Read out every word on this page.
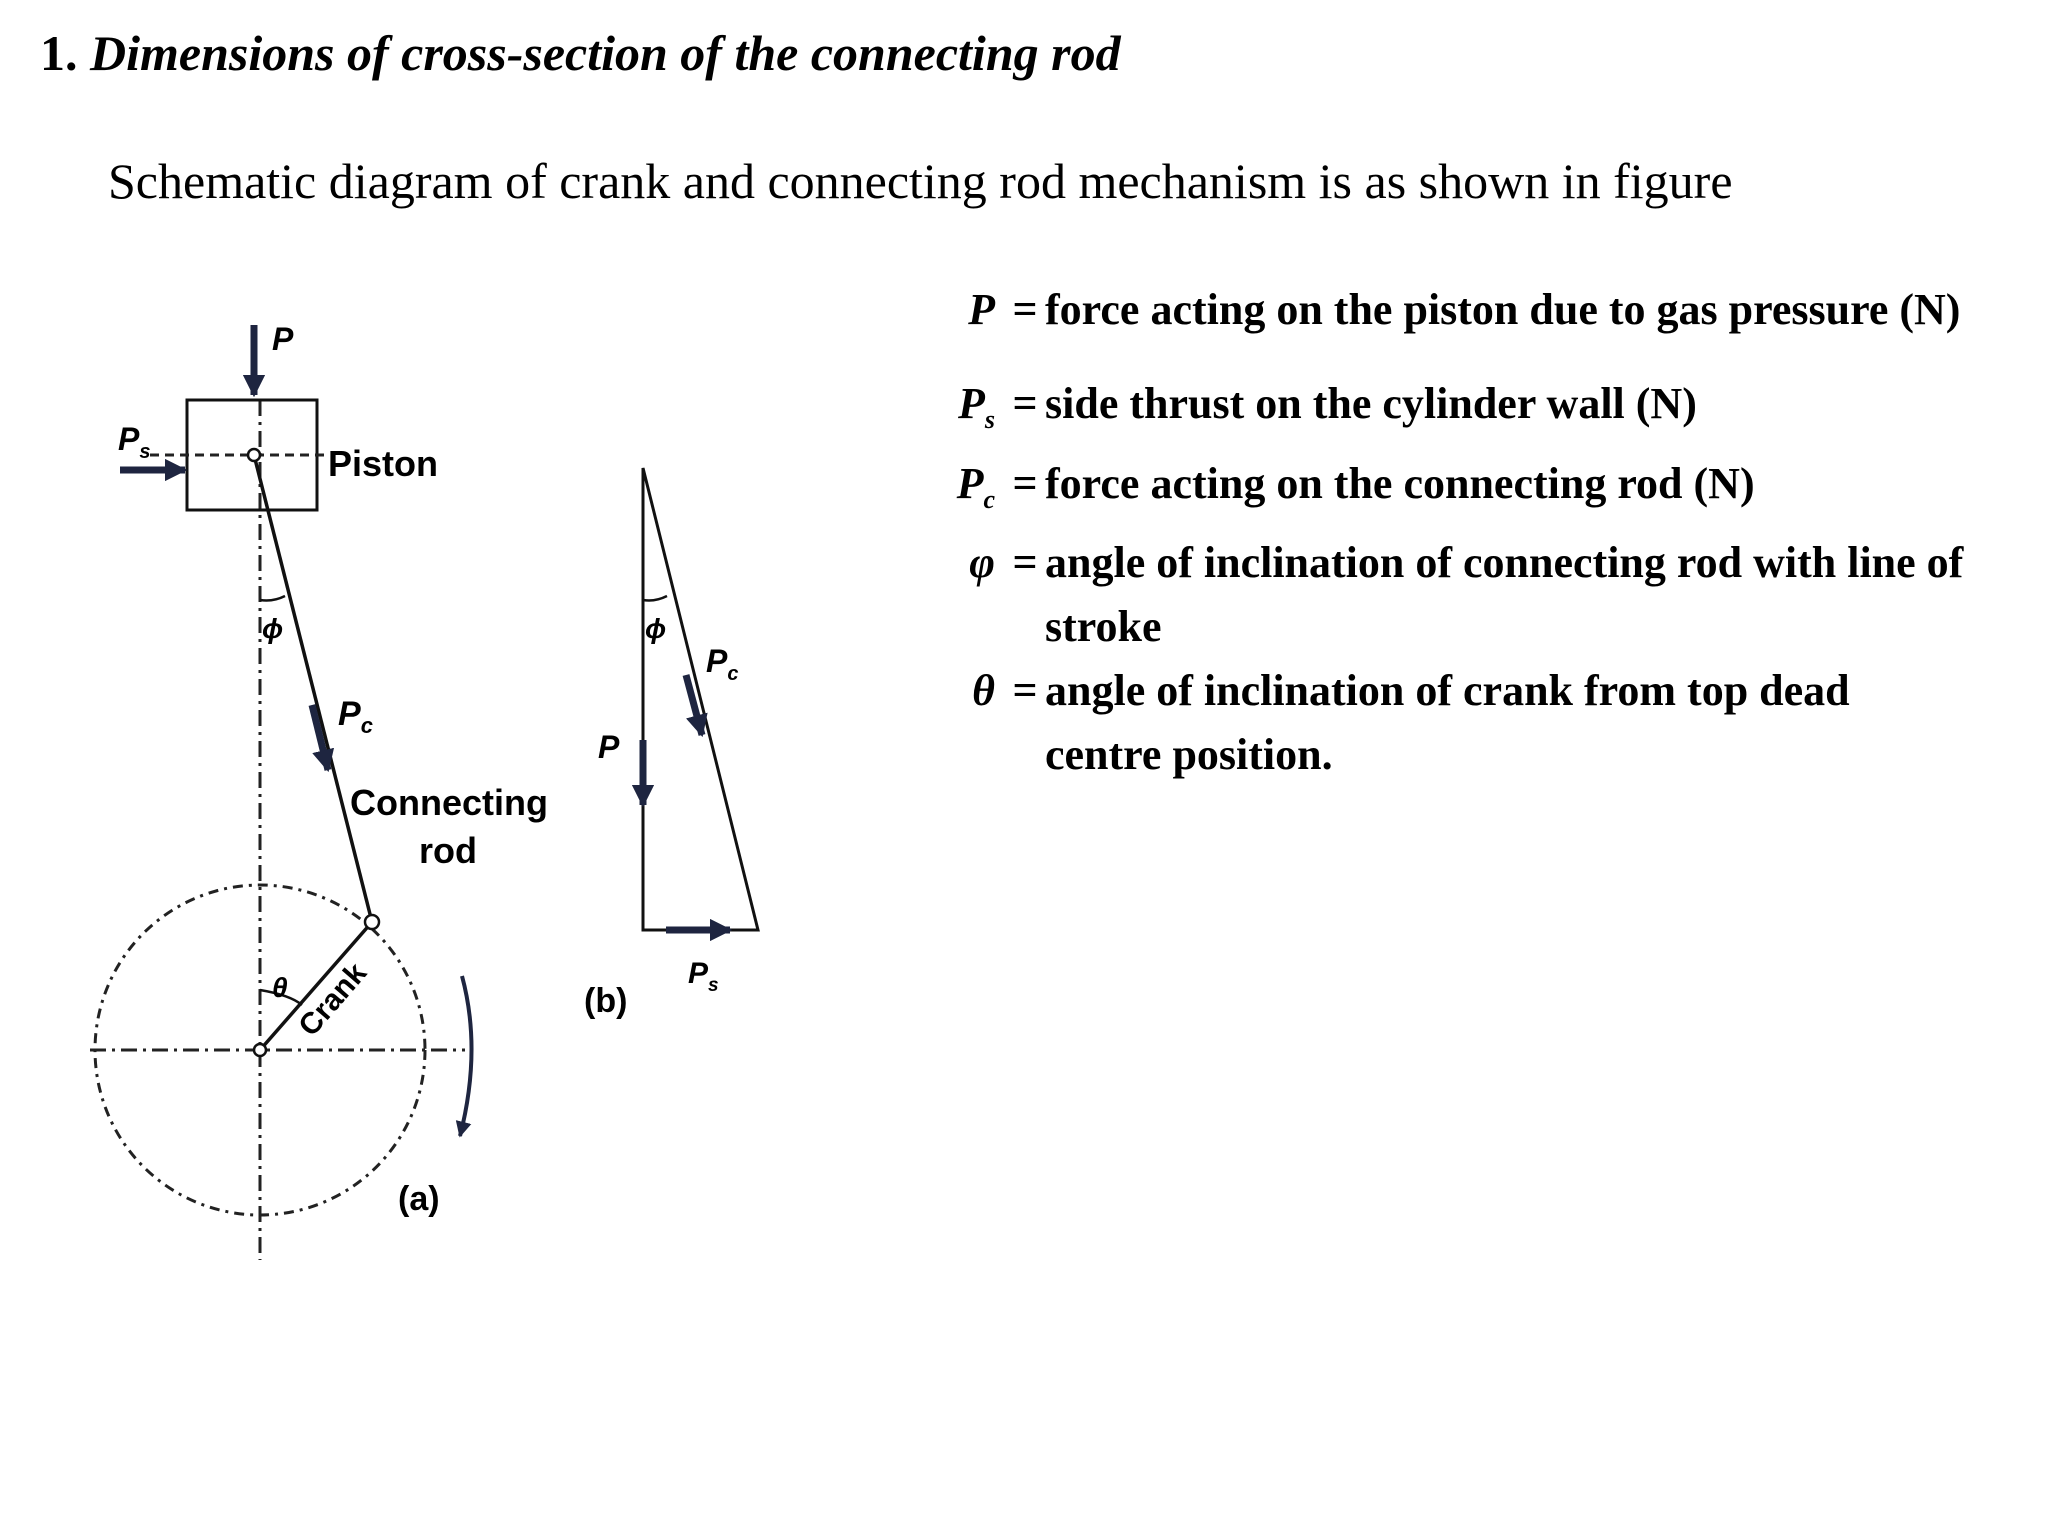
1. Dimensions of cross-section of the connecting rod
Schematic diagram of crank and connecting rod mechanism is as shown in figure
P
$P_s$	Piston
ϕ
$P_c$
Connecting
rod
θ Crank
(a)
ϕ
P
$P_c$
$P_s$
(b)
P = force acting on the piston due to gas pressure (N)
$P_s$ = side thrust on the cylinder wall (N)
$P_c$ = force acting on the connecting rod (N)
φ = angle of inclination of connecting rod with line of stroke
θ = angle of inclination of crank from top dead centre position.
